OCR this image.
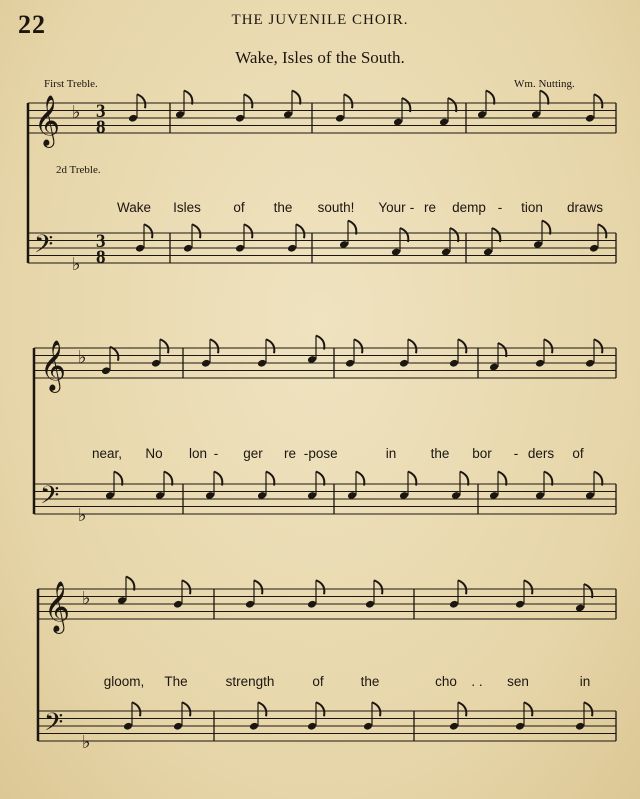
22	THE JUVENILE CHOIR.
Wake, Isles of the South.
First Treble.	Wm. Nutting.
2d Treble.
𝄞
𝄢
♭
♭
3
8
3
8
𝄞
𝄢
♭
♭
𝄞
𝄢
♭
♭
Wake Isles of the south! Your - re demp - tion draws
near, No lon - ger re - pose	in	the bor - ders of
gloom, The	strength	of	the	cho . . sen	in
